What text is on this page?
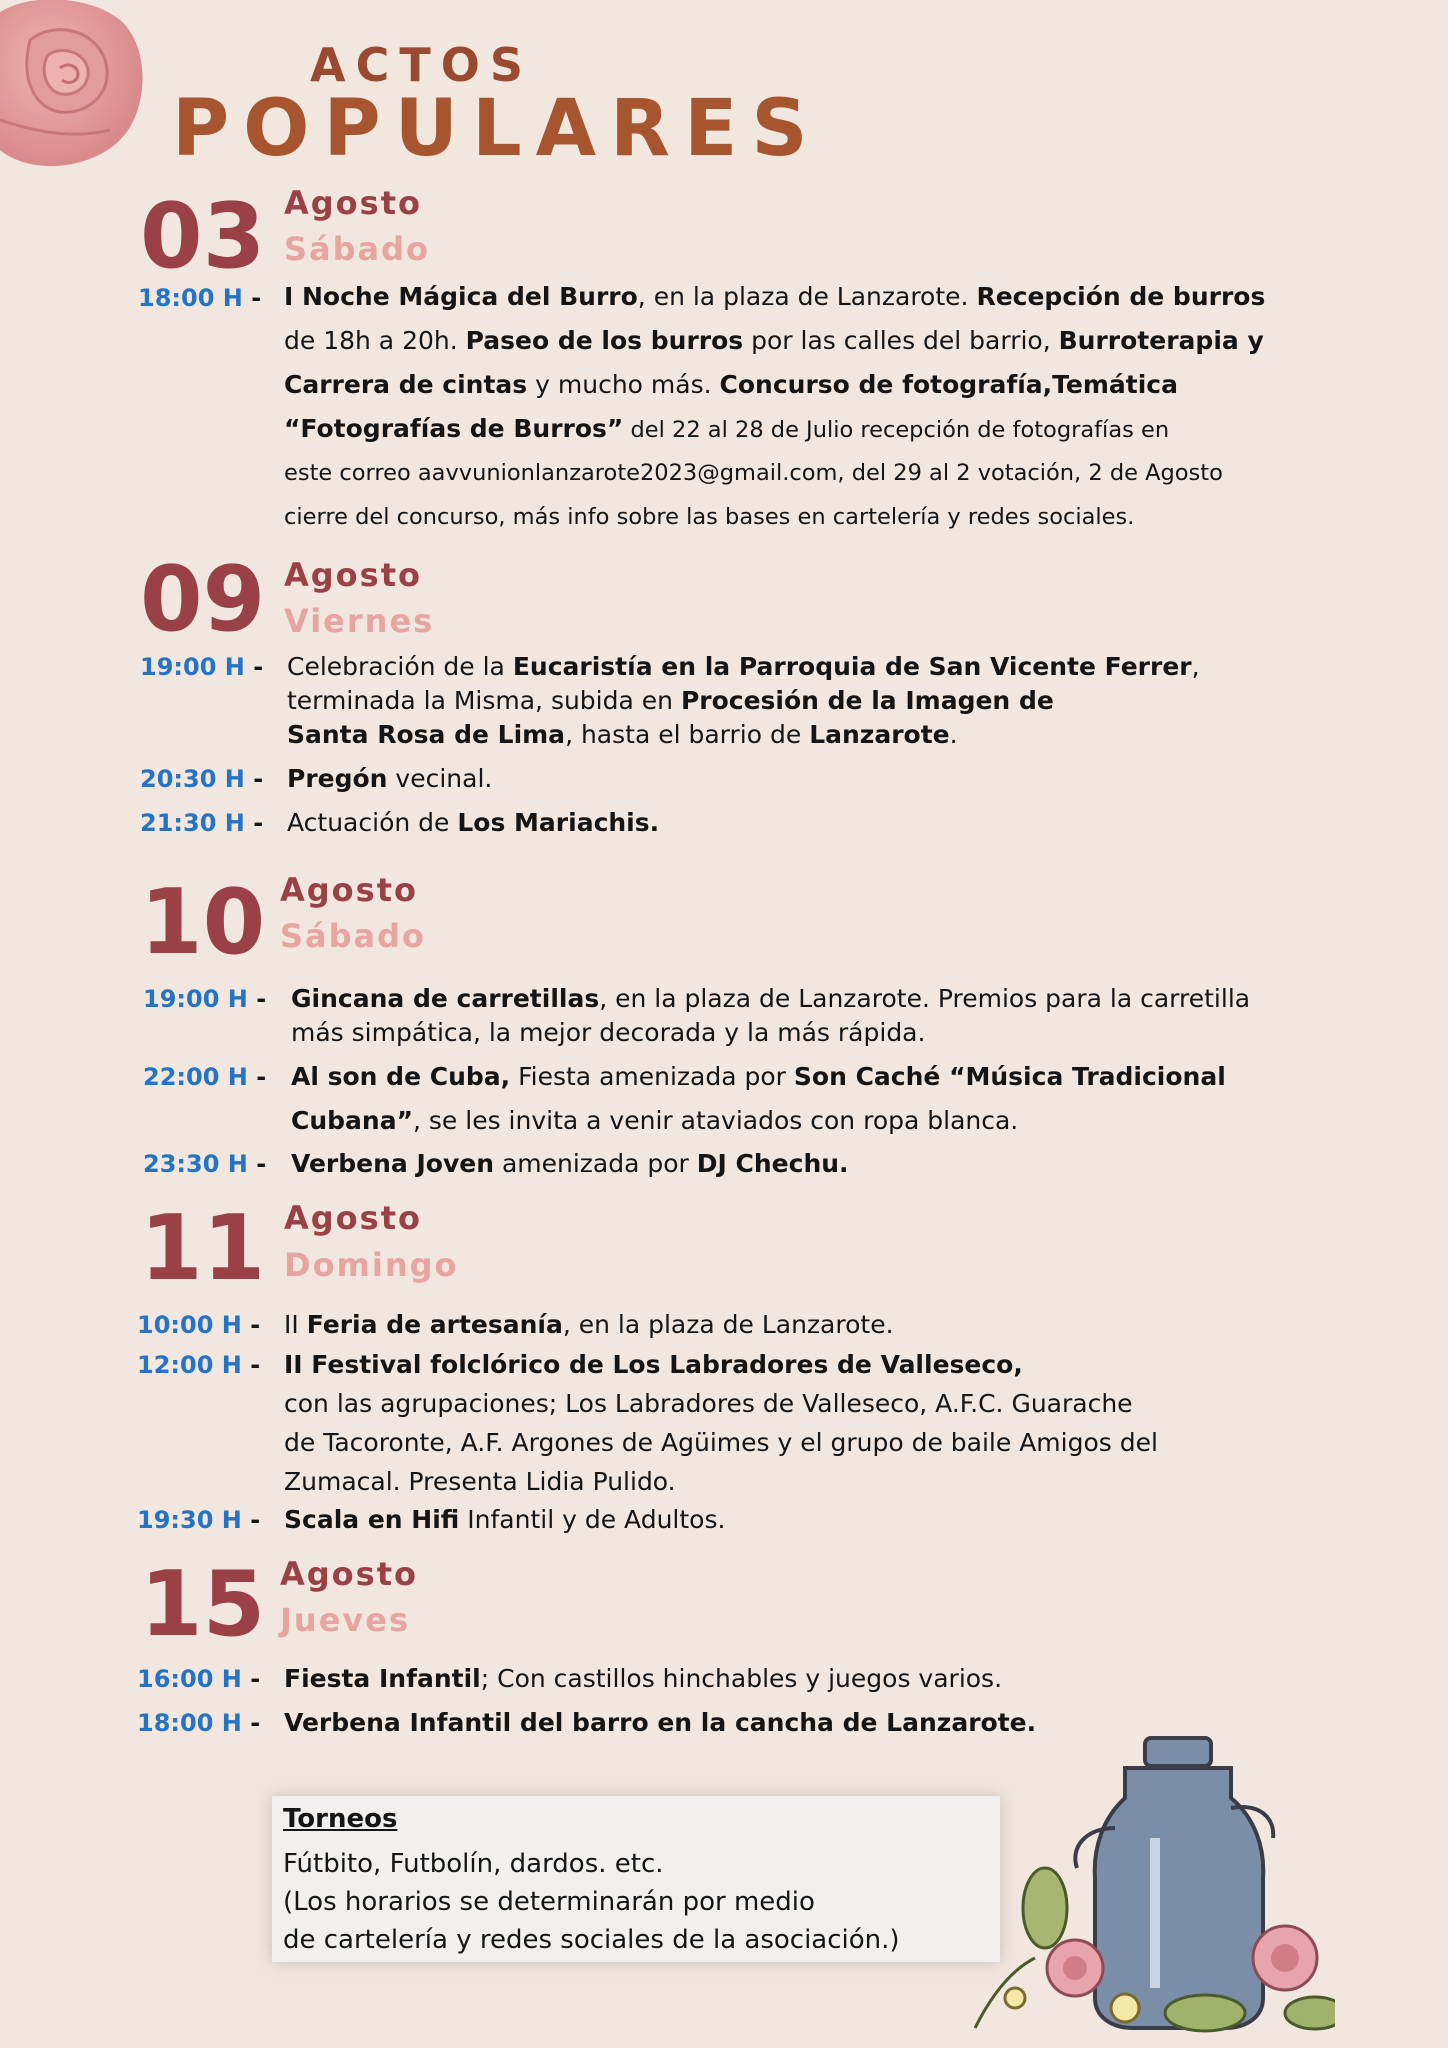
ACTOS
POPULARES
03 Agosto
Sábado
18:00 H - I Noche Mágica del Burro, en la plaza de Lanzarote. Recepción de burros
de 18h a 20h. Paseo de los burros por las calles del barrio, Burroterapia y
Carrera de cintas y mucho más. Concurso de fotografía,Temática
“Fotografías de Burros” del 22 al 28 de Julio recepción de fotografías en
este correo aavvunionlanzarote2023@gmail.com, del 29 al 2 votación, 2 de Agosto
cierre del concurso, más info sobre las bases en cartelería y redes sociales.
09 Agosto
Viernes
19:00 H - Celebración de la Eucaristía en la Parroquia de San Vicente Ferrer,
terminada la Misma, subida en Procesión de la Imagen de
Santa Rosa de Lima, hasta el barrio de Lanzarote.
20:30 H - Pregón vecinal.
21:30 H - Actuación de Los Mariachis.
10 Agosto
Sábado
19:00 H - Gincana de carretillas, en la plaza de Lanzarote. Premios para la carretilla
más simpática, la mejor decorada y la más rápida.
22:00 H - Al son de Cuba, Fiesta amenizada por Son Caché “Música Tradicional
Cubana”, se les invita a venir ataviados con ropa blanca.
23:30 H - Verbena Joven amenizada por DJ Chechu.
11 Agosto
Domingo
10:00 H - II Feria de artesanía, en la plaza de Lanzarote.
12:00 H - II Festival folclórico de Los Labradores de Valleseco,
con las agrupaciones; Los Labradores de Valleseco, A.F.C. Guarache
de Tacoronte, A.F. Argones de Agüimes y el grupo de baile Amigos del
Zumacal. Presenta Lidia Pulido.
19:30 H - Scala en Hifi Infantil y de Adultos.
15 Agosto
Jueves
16:00 H - Fiesta Infantil; Con castillos hinchables y juegos varios.
18:00 H - Verbena Infantil del barro en la cancha de Lanzarote.
Torneos
Fútbito, Futbolín, dardos. etc.
(Los horarios se determinarán por medio
de cartelería y redes sociales de la asociación.)
